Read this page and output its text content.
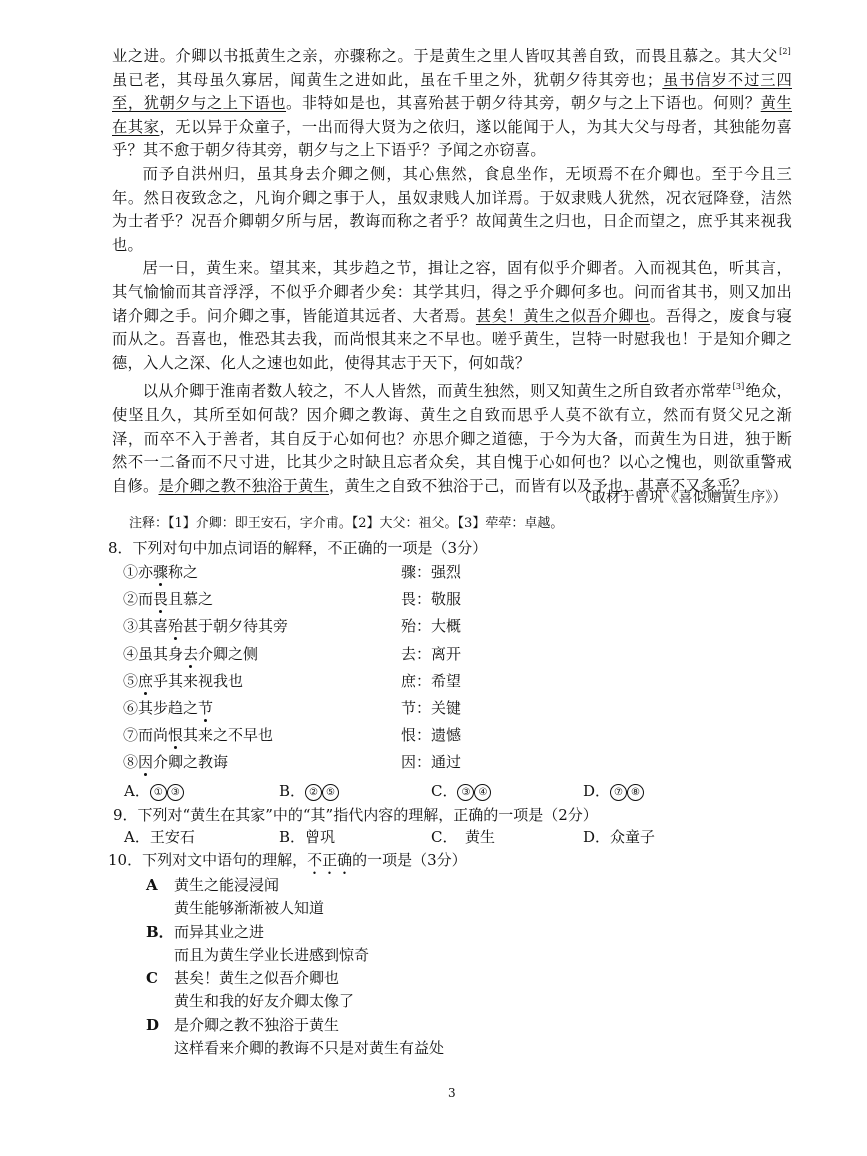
业之进。介卿以书抵黄生之亲，亦骤称之。于是黄生之里人皆叹其善自致，而畏且慕之。其大父[2]虽已老，其母虽久寡居，闻黄生之进如此，虽在千里之外，犹朝夕待其旁也；虽书信岁不过三四至，犹朝夕与之上下语也。非特如是也，其喜殆甚于朝夕待其旁，朝夕与之上下语也。何则？黄生在其家，无以异于众童子，一出而得大贤为之依归，遂以能闻于人，为其大父与母者，其独能勿喜乎？其不愈于朝夕待其旁，朝夕与之上下语乎？予闻之亦窃喜。

而予自洪州归，虽其身去介卿之侧，其心焦然，食息坐作，无顷焉不在介卿也。至于今且三年。然日夜致念之，凡询介卿之事于人，虽奴隶贱人加详焉。于奴隶贱人犹然，况衣冠降登，洁然为士者乎？况吾介卿朝夕所与居，教诲而称之者乎？故闻黄生之归也，日企而望之，庶乎其来视我也。

居一日，黄生来。望其来，其步趋之节，揖让之容，固有似乎介卿者。入而视其色，听其言，其气愉愉而其音浮浮，不似乎介卿者少矣：其学其归，得之乎介卿何多也。问而省其书，则又加出诸介卿之手。问介卿之事，皆能道其远者、大者焉。甚矣！黄生之似吾介卿也。吾得之，废食与寝而从之。吾喜也，惟恐其去我，而尚恨其来之不早也。嗟乎黄生，岂特一时慰我也！于是知介卿之德，入人之深、化人之速也如此，使得其志于天下，何如哉？

以从介卿于淮南者数人较之，不人人皆然，而黄生独然，则又知黄生之所自致者亦常荦[3]绝众，使坚且久，其所至如何哉？因介卿之教诲、黄生之自致而思乎人莫不欲有立，然而有贤父兄之渐泽，而卒不入于善者，其自反于心如何也？亦思介卿之道德，于今为大备，而黄生为日进，独于断然不一二备而不尺寸进，比其少之时缺且忘者众矣，其自愧于心如何也？以心之愧也，则欲重警戒自修。是介卿之教不独浴于黄生，黄生之自致不独浴于己，而皆有以及予也，其熹不又多乎？

（取材于曾巩《喜似赠黄生序》）
注释：【1】介卿：即王安石，字介甫。【2】大父：祖父。【3】荦荦：卓越。
8．下列对句中加点词语的解释，不正确的一项是（3分）
①亦骤称之	骤：强烈
②而畏且慕之	畏：敬服
③其喜殆甚于朝夕待其旁	殆：大概
④虽其身去介卿之侧	去：离开
⑤庶乎其来视我也	庶：希望
⑥其步趋之节	节：关键
⑦而尚恨其来之不早也	恨：遗憾
⑧因介卿之教诲	因：通过
A． ① ③	B． ② ⑤	C． ③ ④	D． ⑦ ⑧
9．下列对“黄生在其家”中的“其”指代内容的理解，正确的一项是（2分）
A．王安石	B．曾巩	C．　黄生	D．众童子
10．下列对文中语句的理解，不正确的一项是（3分）
A 黄生之能浸浸闻
黄生能够渐渐被人知道
B．而异其业之进
而且为黄生学业长进感到惊奇
C 甚矣！黄生之似吾介卿也
黄生和我的好友介卿太像了
D 是介卿之教不独浴于黄生
这样看来介卿的教诲不只是对黄生有益处
3
